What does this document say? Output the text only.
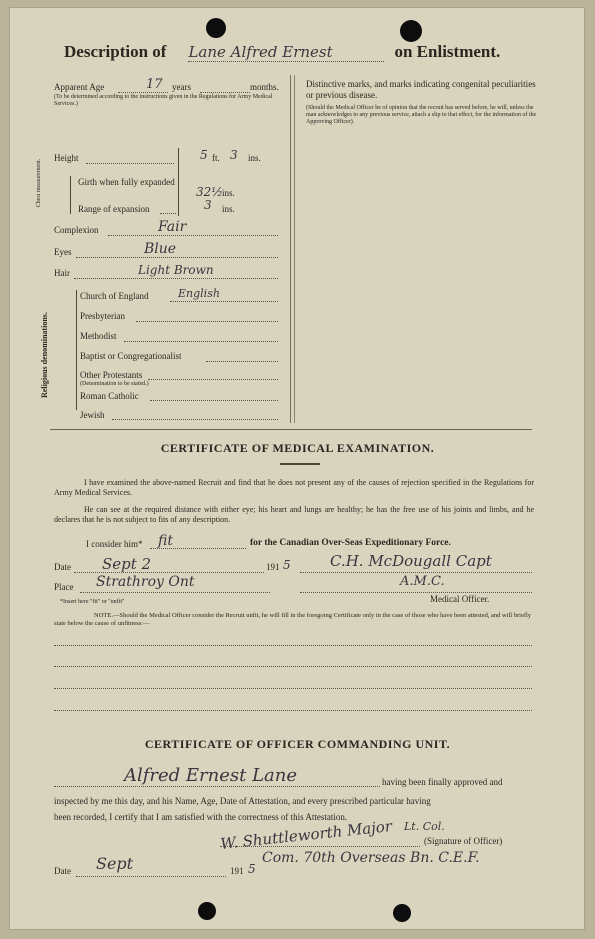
Description of Lane Alfred Ernest	on Enlistment.
Apparent Age	17 years	months.
(To be determined according to the instructions given in the Regulations for Army Medical Services.)
Height	5 ft. 3 ins.
Chest measurement.	Girth when fully expanded
32½ ins.
Range of expansion	3 ins.
Complexion	Fair
Eyes	Blue
Hair	Light Brown
Religious denominations.
Church of England	English
Presbyterian
Methodist
Baptist or Congregationalist
Other Protestants
(Denomination to be stated.)
Roman Catholic
Jewish
Distinctive marks, and marks indicating congenital peculiarities or previous disease.
(Should the Medical Officer be of opinion that the recruit has served before, he will, unless the man acknowledges to any previous service, attach a slip to that effect, for the information of the Approving Officer).
CERTIFICATE OF MEDICAL EXAMINATION.
I have examined the above-named Recruit and find that he does not present any of the causes of rejection specified in the Regulations for Army Medical Services.
He can see at the required distance with either eye; his heart and lungs are healthy; he has the free use of his joints and limbs, and he declares that he is not subject to fits of any description.
I consider him* fit	for the Canadian Over-Seas Expeditionary Force.
Date Sept 2	191 5	C.H. McDougall Capt
Place Strathroy Ont	A.M.C.
Medical Officer.
*Insert here "fit" or "unfit"
NOTE.—Should the Medical Officer consider the Recruit unfit, he will fill in the foregoing Certificate only in the case of those who have been attested, and will briefly state below the cause of unfitness:—
CERTIFICATE OF OFFICER COMMANDING UNIT.
Alfred Ernest Lane	having been finally approved and
inspected by me this day, and his Name, Age, Date of Attestation, and every prescribed particular having
been recorded, I certify that I am satisfied with the correctness of this Attestation.
Lt. Col.
W. Shuttleworth Major	(Signature of Officer)
Date Sept	191 5
Com. 70th Overseas Bn. C.E.F.
